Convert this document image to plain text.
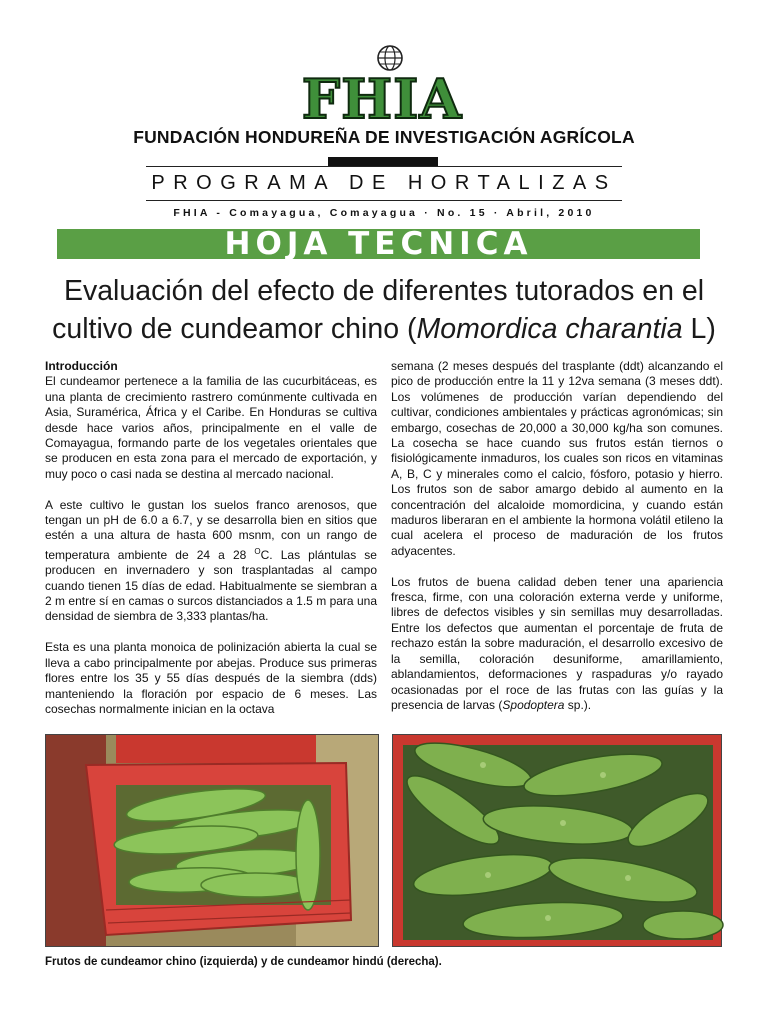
FHIA
FUNDACIÓN HONDUREÑA DE INVESTIGACIÓN AGRÍCOLA
PROGRAMA DE HORTALIZAS
FHIA - Comayagua, Comayagua · No. 15 · Abril, 2010
HOJA TECNICA
Evaluación del efecto de diferentes tutorados en el
cultivo de cundeamor chino (Momordica charantia L)
Introducción

El cundeamor pertenece a la familia de las cucurbitáceas, es una planta de crecimiento rastrero comúnmente cultivada en Asia, Suramérica, África y el Caribe. En Honduras se cultiva desde hace varios años, principalmente en el valle de Comayagua, formando parte de los vegetales orientales que se producen en esta zona para el mercado de exportación, y muy poco o casi nada se destina al mercado nacional.

A este cultivo le gustan los suelos franco arenosos, que tengan un pH de 6.0 a 6.7, y se desarrolla bien en sitios que estén a una altura de hasta 600 msnm, con un rango de temperatura ambiente de 24 a 28 $^O$C. Las plántulas se producen en invernadero y son trasplantadas al campo cuando tienen 15 días de edad. Habitualmente se siembran a 2 m entre sí en camas o surcos distanciados a 1.5 m para una densidad de siembra de 3,333 plantas/ha.

Esta es una planta monoica de polinización abierta la cual se lleva a cabo principalmente por abejas. Produce sus primeras flores entre los 35 y 55 días después de la siembra (dds) manteniendo la floración por espacio de 6 meses. Las cosechas normalmente inician en la octava

semana (2 meses después del trasplante (ddt) alcanzando el pico de producción entre la 11 y 12va semana (3 meses ddt). Los volúmenes de producción varían dependiendo del cultivar, condiciones ambientales y prácticas agronómicas; sin embargo, cosechas de 20,000 a 30,000 kg/ha son comunes. La cosecha se hace cuando sus frutos están tiernos o fisiológicamente inmaduros, los cuales son ricos en vitaminas A, B, C y minerales como el calcio, fósforo, potasio y hierro. Los frutos son de sabor amargo debido al aumento en la concentración del alcaloide momordicina, y cuando están maduros liberaran en el ambiente la hormona volátil etileno la cual acelera el proceso de maduración de los frutos adyacentes.

Los frutos de buena calidad deben tener una apariencia fresca, firme, con una coloración externa verde y uniforme, libres de defectos visibles y sin semillas muy desarrolladas. Entre los defectos que aumentan el porcentaje de fruta de rechazo están la sobre maduración, el desarrollo excesivo de la semilla, coloración desuniforme, amarillamiento, ablandamientos, deformaciones y raspaduras y/o rayado ocasionadas por el roce de las frutas con las guías y la presencia de larvas (Spodoptera sp.).

Frutos de cundeamor chino (izquierda) y de cundeamor hindú (derecha).
